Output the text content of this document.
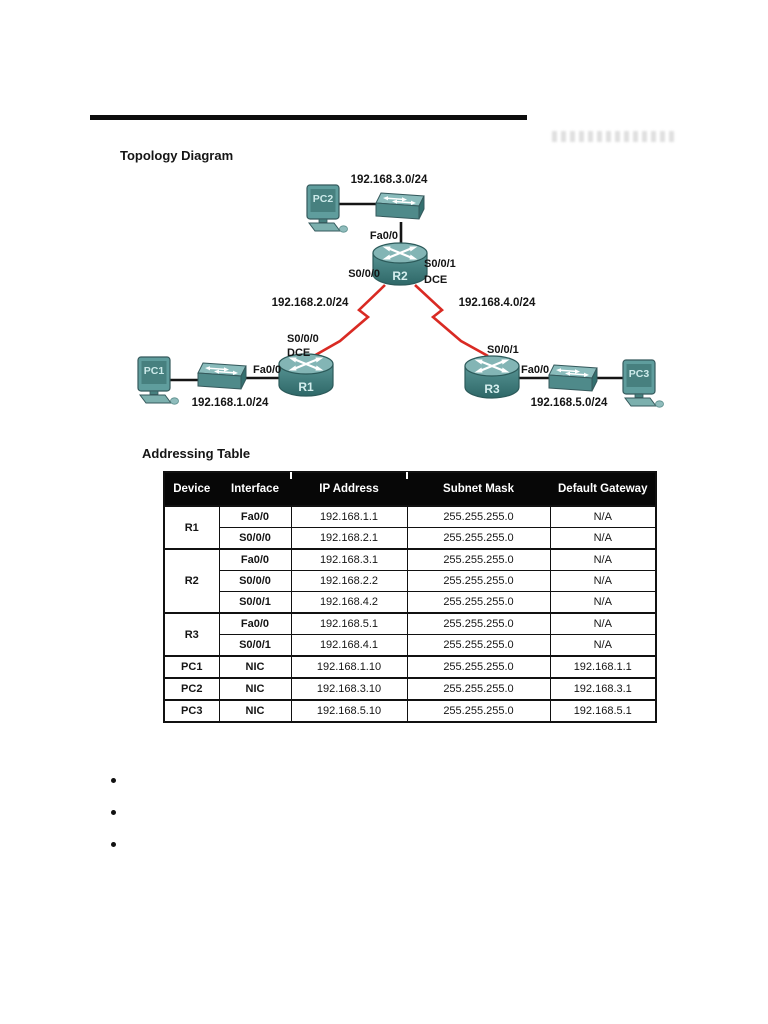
Topology Diagram
PC2
R2
PC1
R1	R3
PC3
192.168.3.0/24
192.168.2.0/24	192.168.4.0/24
192.168.1.0/24	192.168.5.0/24
Fa0/0
S0/0/0
S0/0/1
DCE
S0/0/0
DCE
Fa0/0
S0/0/1
Fa0/0
Addressing Table
Device	Interface	IP Address	Subnet Mask	Default Gateway
R1	Fa0/0	192.168.1.1	255.255.255.0	N/A
	S0/0/0	192.168.2.1	255.255.255.0	N/A
R2	Fa0/0	192.168.3.1	255.255.255.0	N/A
	S0/0/0	192.168.2.2	255.255.255.0	N/A
	S0/0/1	192.168.4.2	255.255.255.0	N/A
R3	Fa0/0	192.168.5.1	255.255.255.0	N/A
	S0/0/1	192.168.4.1	255.255.255.0	N/A
PC1	NIC	192.168.1.10	255.255.255.0	192.168.1.1
PC2	NIC	192.168.3.10	255.255.255.0	192.168.3.1
PC3	NIC	192.168.5.10	255.255.255.0	192.168.5.1
